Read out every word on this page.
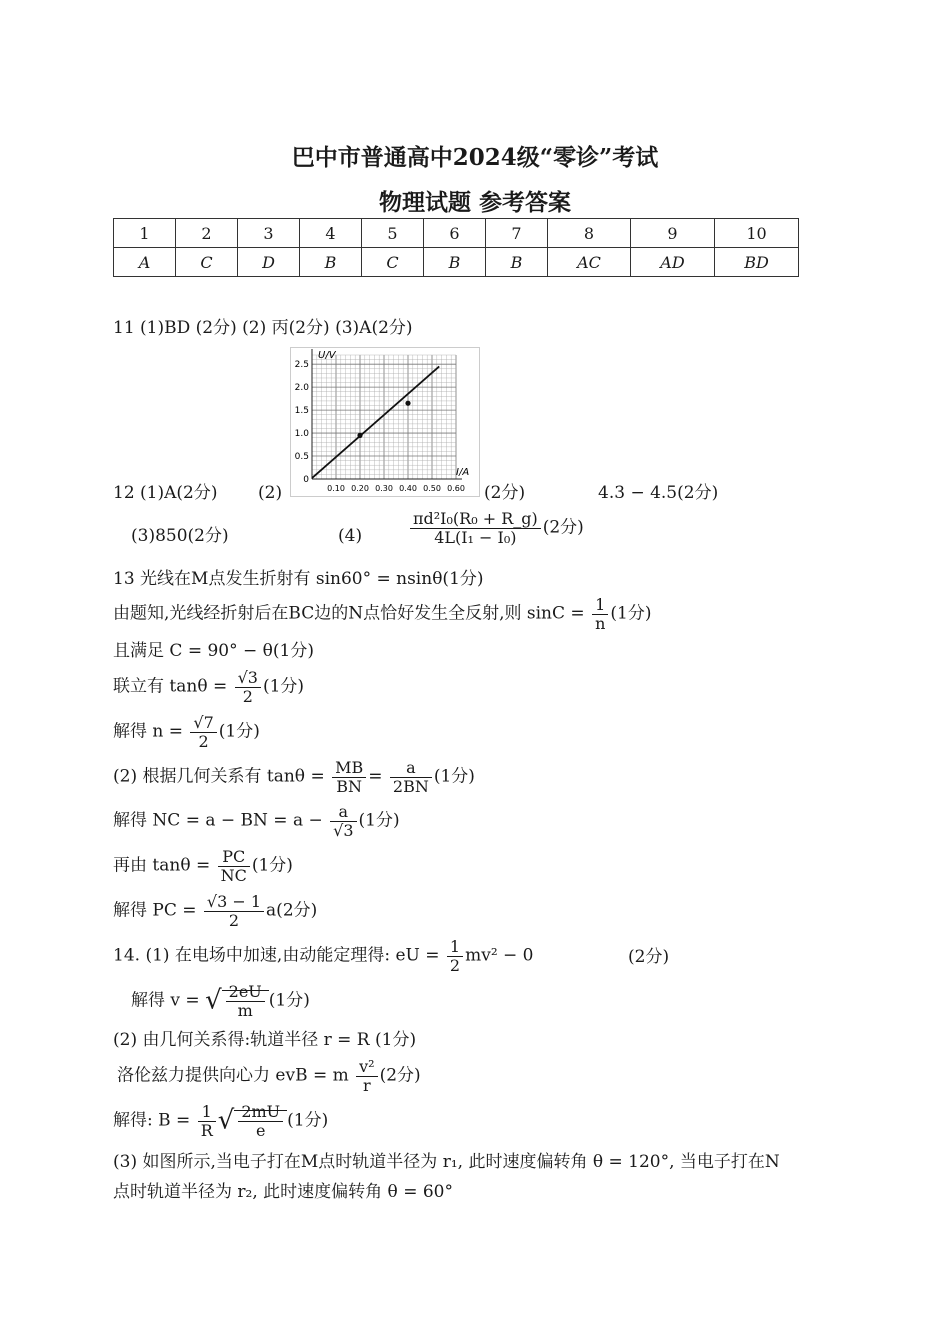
巴中市普通高中2024级“零诊”考试
物理试题 参考答案
1	2	3	4	5	6	7	8	9	10
A	C	D	B	C	B	B	AC	AD	BD
11 (1)BD (2分) (2) 丙(2分) (3)A(2分)
2.5
2.0
1.5
1.0
0.5
0
0.10 0.20 0.30 0.40 0.50 0.60
U/V
I/A
12 (1)A(2分) (2)	(2分)	4.3 − 4.5(2分)
(3)850(2分)	(4)	$\frac{\text{πd²I₀(R₀ + R\_g)}}{\text{4L(I₁ − I₀)}} (2$分)
13 光线在M点发生折射有 sin60° = nsinθ(1分)
由题知,光线经折射后在BC边的N点恰好发生全反射,则 $\sin C = \frac{1}{n} (1$分)
且满足 C = 90° − θ(1分)
联立有 $\tan\theta = \frac{√3}{2} (1$分)
解得 $n = \frac{√7}{2} (1$分)
(2) 根据几何关系有 $\tan\theta = \frac{MB}{BN} = \frac{a}{2BN} (1$分)
解得 NC = a − BN = $a - \frac{a}{√3} (1$分)
再由 $\tan\theta = \frac{PC}{NC} (1$分)
解得 PC = $\frac{√3 - 1}{2} a(2$分)
14. (1) 在电场中加速,由动能定理得: eU = $\frac{1}{2} mv^2 - 0$	(2分)
解得 v = √ $\frac{2eU}{m} (1$分)
(2) 由几何关系得:轨道半径 r = R (1分)
洛伦兹力提供向心力 evB = m $\frac{\text{v²}}{r} (2$分)
解得: $B = \frac{1}{R}$ √ $\frac{2mU}{e} (1$分)
(3) 如图所示,当电子打在M点时轨道半径为 r₁, 此时速度偏转角 θ = 120°, 当电子打在N
点时轨道半径为 r₂, 此时速度偏转角 θ = 60°
